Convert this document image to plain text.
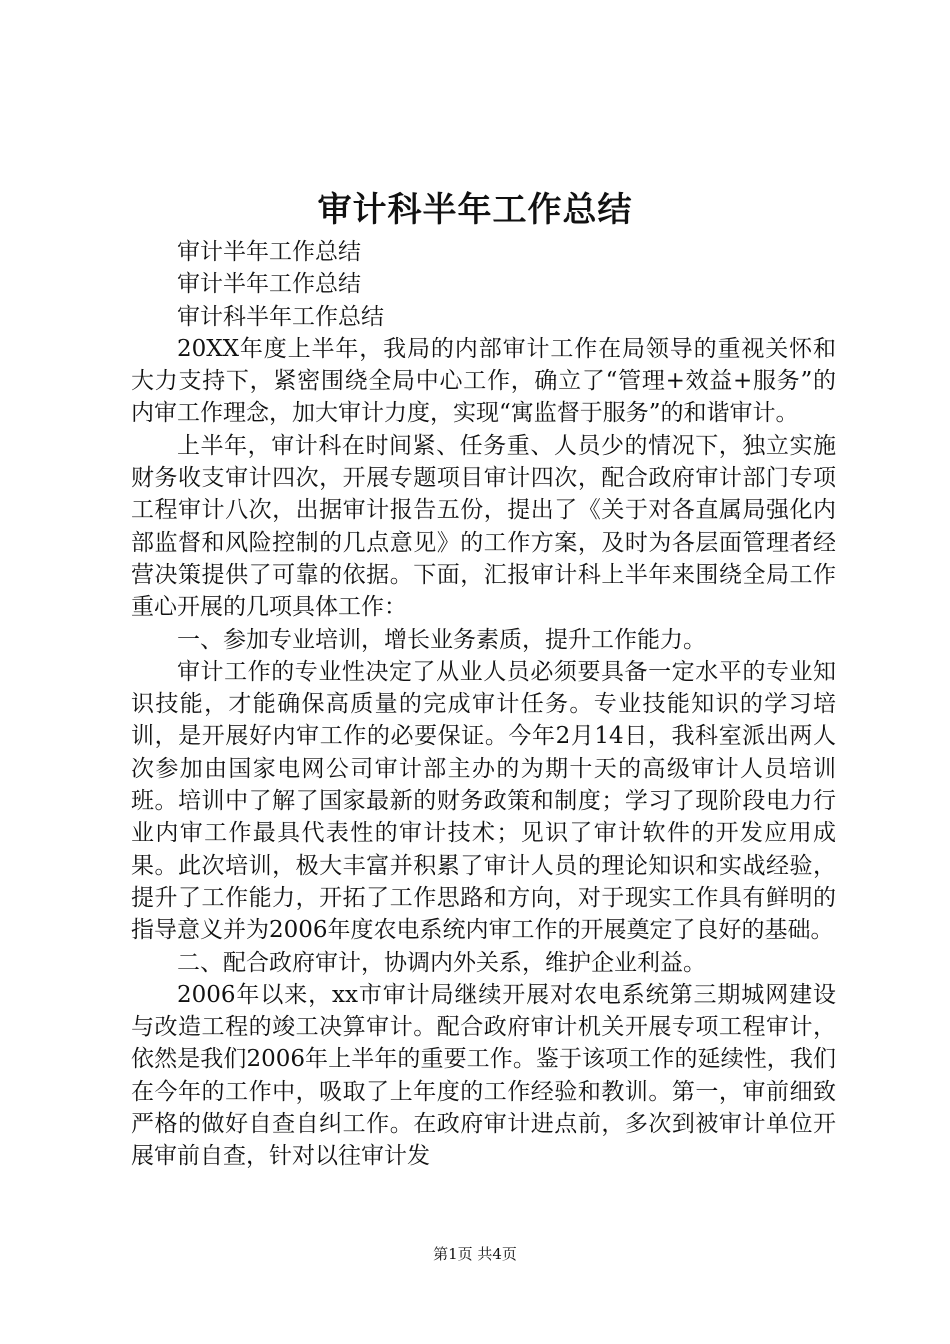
审计科半年工作总结

审计半年工作总结

审计半年工作总结

审计科半年工作总结

20XX年度上半年，我局的内部审计工作在局领导的重视关怀和大力支持下，紧密围绕全局中心工作，确立了“管理+效益+服务”的内审工作理念，加大审计力度，实现“寓监督于服务”的和谐审计。

上半年，审计科在时间紧、任务重、人员少的情况下，独立实施财务收支审计四次，开展专题项目审计四次，配合政府审计部门专项工程审计八次，出据审计报告五份，提出了《关于对各直属局强化内部监督和风险控制的几点意见》的工作方案，及时为各层面管理者经营决策提供了可靠的依据。下面，汇报审计科上半年来围绕全局工作重心开展的几项具体工作：

一、参加专业培训，增长业务素质，提升工作能力。

审计工作的专业性决定了从业人员必须要具备一定水平的专业知识技能，才能确保高质量的完成审计任务。专业技能知识的学习培训，是开展好内审工作的必要保证。今年2月14日，我科室派出两人次参加由国家电网公司审计部主办的为期十天的高级审计人员培训班。培训中了解了国家最新的财务政策和制度；学习了现阶段电力行业内审工作最具代表性的审计技术；见识了审计软件的开发应用成果。此次培训，极大丰富并积累了审计人员的理论知识和实战经验，提升了工作能力，开拓了工作思路和方向，对于现实工作具有鲜明的指导意义并为2006年度农电系统内审工作的开展奠定了良好的基础。

二、配合政府审计，协调内外关系，维护企业利益。

2006年以来，xx市审计局继续开展对农电系统第三期城网建设与改造工程的竣工决算审计。配合政府审计机关开展专项工程审计，依然是我们2006年上半年的重要工作。鉴于该项工作的延续性，我们在今年的工作中，吸取了上年度的工作经验和教训。第一，审前细致严格的做好自查自纠工作。在政府审计进点前，多次到被审计单位开展审前自查，针对以往审计发

第1页 共4页
